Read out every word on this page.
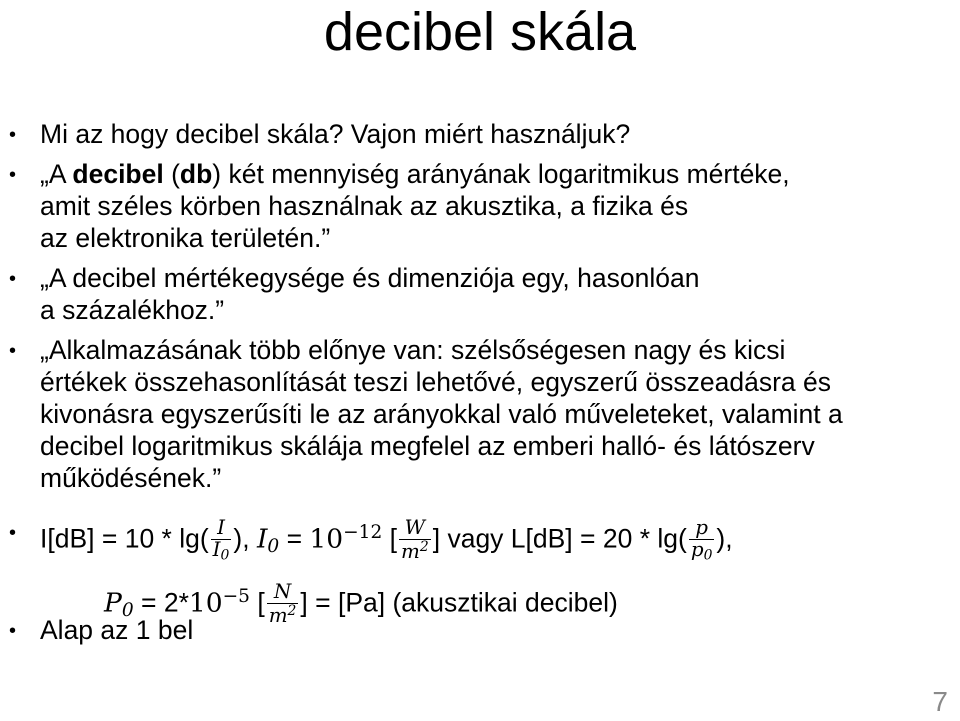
decibel skála
• Mi az hogy decibel skála? Vajon miért használjuk?
• „A decibel (db) két mennyiség arányának logaritmikus mértéke,
amit széles körben használnak az akusztika, a fizika és
az elektronika területén.”
• „A decibel mértékegysége és dimenziója egy, hasonlóan
a százalékhoz.”
• „Alkalmazásának több előnye van: szélsőségesen nagy és kicsi
értékek összehasonlítását teszi lehetővé, egyszerű összeadásra és
kivonásra egyszerűsíti le az arányokkal való műveleteket, valamint a
decibel logaritmikus skálája megfelel az emberi halló- és látószerv
működésének.”
• $I[dB] = 10 * \lg( \frac{I}{I_0}$ ), $I_0 = 10^{-12}$ [ $\frac{W}{m^2}$ ] vagy $L[dB] = 20 * \lg( \frac{p}{p_0}$ ),
$P_0 = 2*10^{-5}$ [ $\frac{N}{m^2}$ ] = [Pa] (akusztikai decibel)
• Alap az 1 bel
7
